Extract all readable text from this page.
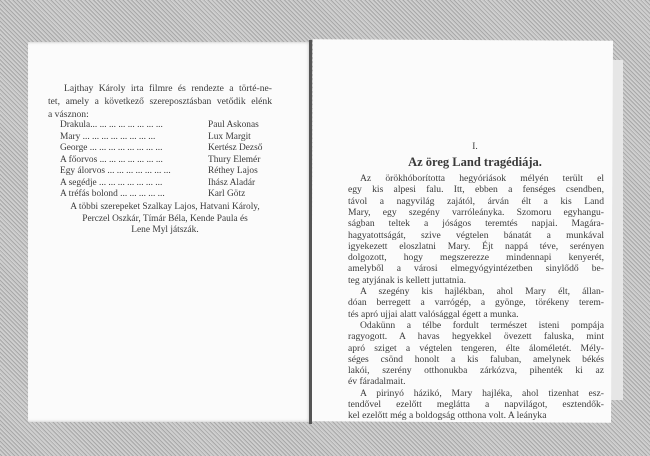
Lajthay Károly irta filmre és rendezte a törté-ne-
tet, amely a következő szereposztásban vetődik elénk
a vásznon:
Drakula... ... ... ... ... ... ... ...	Paul Askonas
Mary ... ... ... ... ... ... ... ...	Lux Margit
George ... ... ... ... ... ... ... ...	Kertész Dezső
A főorvos ... ... ... ... ... ... ...	Thury Elemér
Egy álorvos ... ... ... ... ... ... ...	Réthey Lajos
A segédje ... ... ... ... ... ... ...	Ihász Aladár
A tréfás bolond ... ... ... ... ...	Karl Götz
A többi szerepeket Szalkay Lajos, Hatvani Károly,
Perczel Oszkár, Tímár Béla, Kende Paula és
Lene Myl játszák.
I.
Az öreg Land tragédiája.
Az örökhóborította hegyóriások mélyén terült el
egy kis alpesi falu. Itt, ebben a fenséges csendben,
távol a nagyvilág zajától, árván élt a kis Land
Mary, egy szegény varróleányka. Szomoru egyhangu-
ságban teltek a jóságos teremtés napjai. Magára-
hagyatottságát, szive végtelen bánatát a munkával
igyekezett eloszlatni Mary. Éjt nappá téve, serényen
dolgozott, hogy megszerezze mindennapi kenyerét,
amelyből a városi elmegyógyintézetben sinylődő be-
teg atyjának is kellett juttatnia.
A szegény kis hajlékban, ahol Mary élt, állan-
dóan berregett a varrógép, a gyönge, törékeny terem-
tés apró ujjai alatt valósággal égett a munka.
Odakünn a télbe fordult természet isteni pompája
ragyogott. A havas hegyekkel övezett faluska, mint
apró sziget a végtelen tengeren, élte áloméletét. Mély-
séges csönd honolt a kis faluban, amelynek békés
lakói, szerény otthonukba zárkózva, pihenték ki az
év fáradalmait.
A pirinyó házikó, Mary hajléka, ahol tizenhat esz-
tendővel ezelőtt meglátta a napvilágot, esztendők-
kel ezelőtt még a boldogság otthona volt. A leányka
